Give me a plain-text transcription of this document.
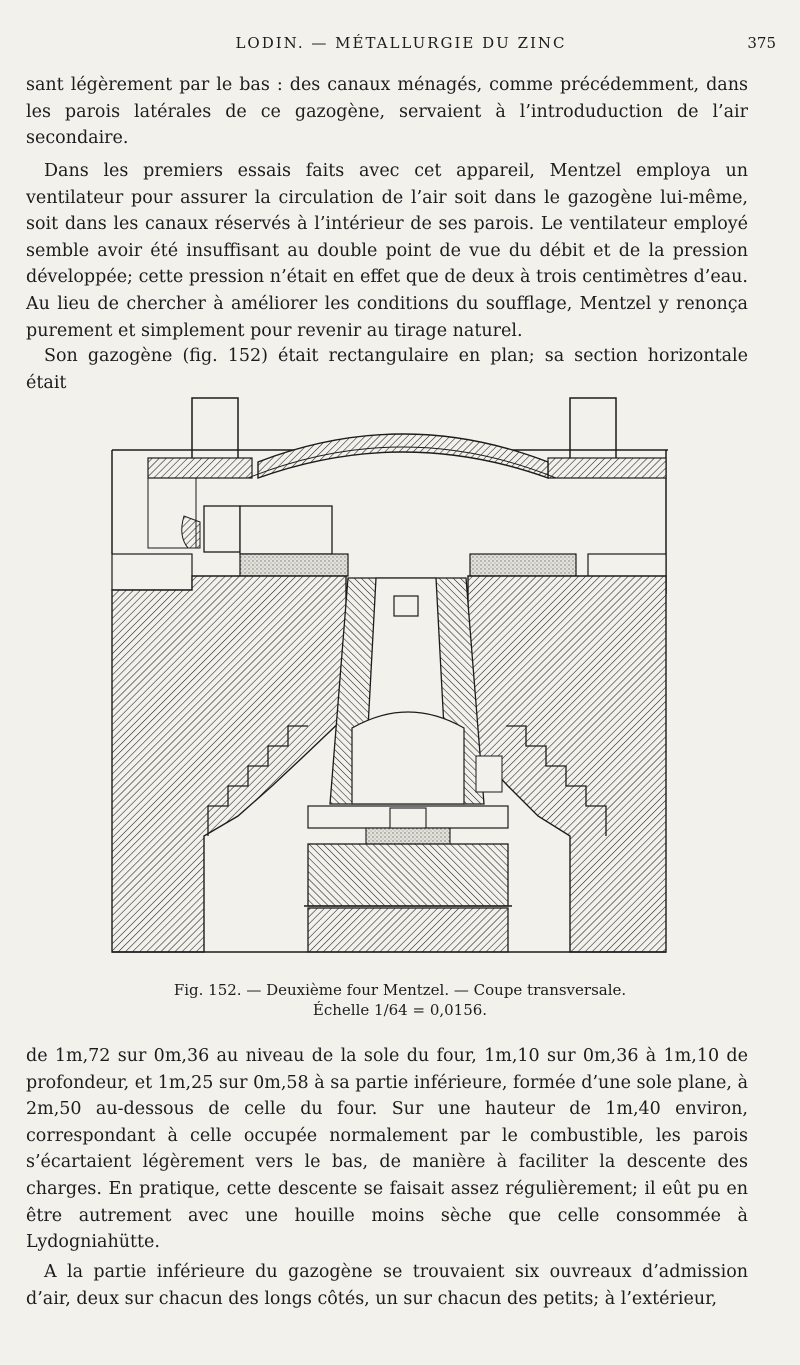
LODIN. — MÉTALLURGIE DU ZINC	375
sant légèrement par le bas : des canaux ménagés, comme précédemment, dans les parois latérales de ce gazogène, servaient à l’introduduction de l’air secondaire.
Dans les premiers essais faits avec cet appareil, Mentzel employa un ventilateur pour assurer la circulation de l’air soit dans le gazogène lui-même, soit dans les canaux réservés à l’intérieur de ses parois. Le ventilateur employé semble avoir été insuffisant au double point de vue du débit et de la pression développée; cette pression n’était en effet que de deux à trois centimètres d’eau. Au lieu de chercher à améliorer les conditions du soufflage, Mentzel y renonça purement et simplement pour revenir au tirage naturel.
Son gazogène (fig. 152) était rectangulaire en plan; sa section horizontale était
Fig. 152. — Deuxième four Mentzel. — Coupe transversale.
Échelle 1/64 = 0,0156.
de 1m,72 sur 0m,36 au niveau de la sole du four, 1m,10 sur 0m,36 à 1m,10 de profondeur, et 1m,25 sur 0m,58 à sa partie inférieure, formée d’une sole plane, à 2m,50 au-dessous de celle du four. Sur une hauteur de 1m,40 environ, correspondant à celle occupée normalement par le combustible, les parois s’écartaient légèrement vers le bas, de manière à faciliter la descente des charges. En pratique, cette descente se faisait assez régulièrement; il eût pu en être autrement avec une houille moins sèche que celle consommée à Lydogniahütte.
A la partie inférieure du gazogène se trouvaient six ouvreaux d’admission d’air, deux sur chacun des longs côtés, un sur chacun des petits; à l’extérieur,
